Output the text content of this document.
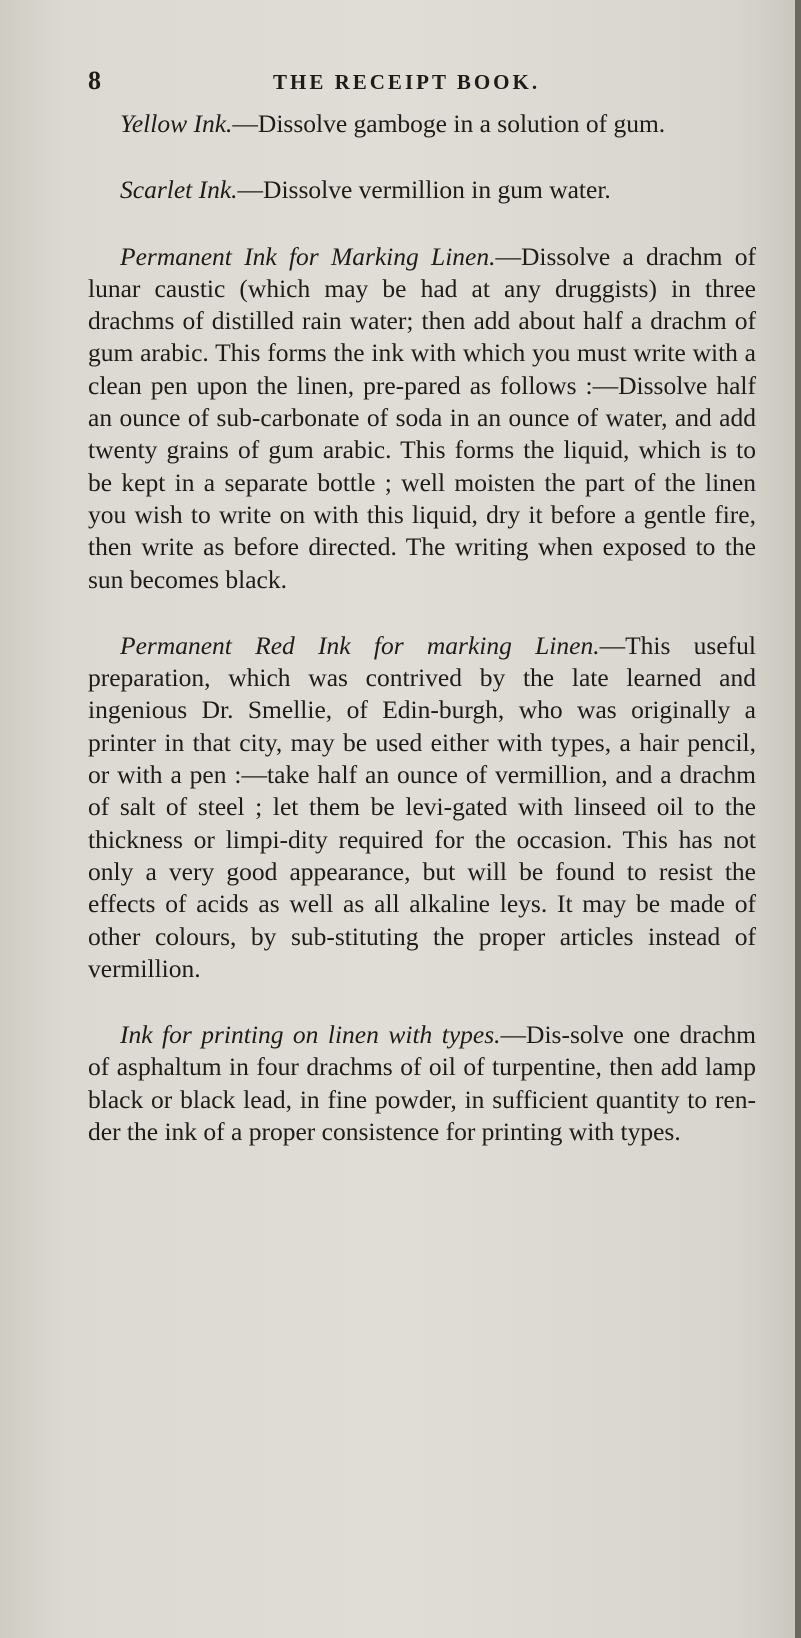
8	THE RECEIPT BOOK.

Yellow Ink.—Dissolve gamboge in a solution of gum.

Scarlet Ink.—Dissolve vermillion in gum water.

Permanent Ink for Marking Linen.—Dissolve a drachm of lunar caustic (which may be had at any druggists) in three drachms of distilled rain water; then add about half a drachm of gum arabic. This forms the ink with which you must write with a clean pen upon the linen, pre-pared as follows :—Dissolve half an ounce of sub-carbonate of soda in an ounce of water, and add twenty grains of gum arabic. This forms the liquid, which is to be kept in a separate bottle ; well moisten the part of the linen you wish to write on with this liquid, dry it before a gentle fire, then write as before directed. The writing when exposed to the sun becomes black.

Permanent Red Ink for marking Linen.—This useful preparation, which was contrived by the late learned and ingenious Dr. Smellie, of Edin-burgh, who was originally a printer in that city, may be used either with types, a hair pencil, or with a pen :—take half an ounce of vermillion, and a drachm of salt of steel ; let them be levi-gated with linseed oil to the thickness or limpi-dity required for the occasion. This has not only a very good appearance, but will be found to resist the effects of acids as well as all alkaline leys. It may be made of other colours, by sub-stituting the proper articles instead of vermillion.

Ink for printing on linen with types.—Dis-solve one drachm of asphaltum in four drachms of oil of turpentine, then add lamp black or black lead, in fine powder, in sufficient quantity to ren-der the ink of a proper consistence for printing with types.
